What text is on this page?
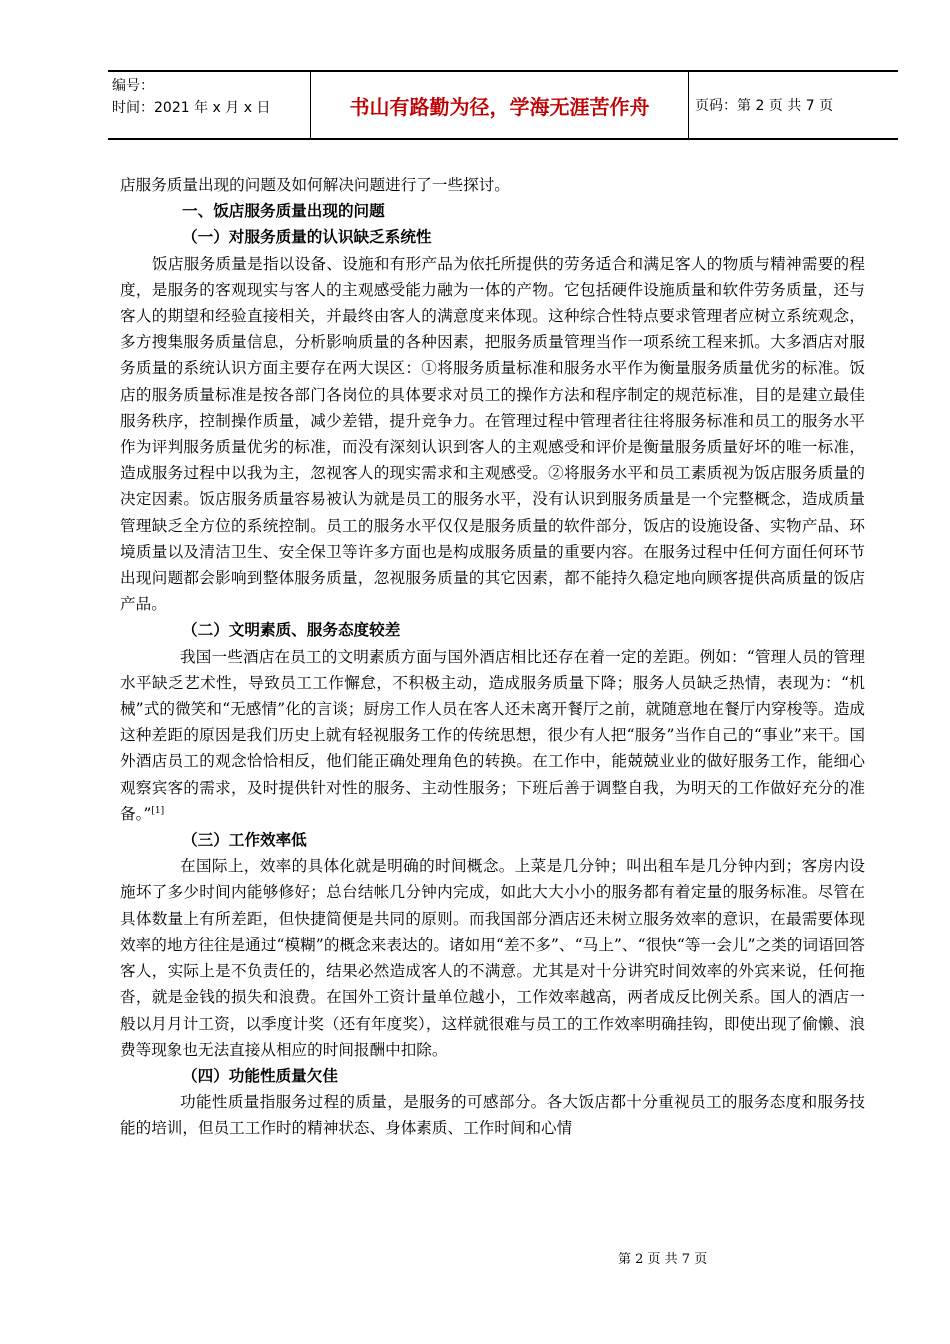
编号：
时间：2021 年 x 月 x 日	书山有路勤为径，学海无涯苦作舟	页码：第 2 页 共 7 页

店服务质量出现的问题及如何解决问题进行了一些探讨。

一、饭店服务质量出现的问题

（一）对服务质量的认识缺乏系统性

饭店服务质量是指以设备、设施和有形产品为依托所提供的劳务适合和满足客人的物质与精神需要的程度，是服务的客观现实与客人的主观感受能力融为一体的产物。它包括硬件设施质量和软件劳务质量，还与客人的期望和经验直接相关，并最终由客人的满意度来体现。这种综合性特点要求管理者应树立系统观念，多方搜集服务质量信息，分析影响质量的各种因素，把服务质量管理当作一项系统工程来抓。大多酒店对服务质量的系统认识方面主要存在两大误区：①将服务质量标准和服务水平作为衡量服务质量优劣的标准。饭店的服务质量标准是按各部门各岗位的具体要求对员工的操作方法和程序制定的规范标准，目的是建立最佳服务秩序，控制操作质量，减少差错，提升竞争力。在管理过程中管理者往往将服务标准和员工的服务水平作为评判服务质量优劣的标准，而没有深刻认识到客人的主观感受和评价是衡量服务质量好坏的唯一标准，造成服务过程中以我为主，忽视客人的现实需求和主观感受。②将服务水平和员工素质视为饭店服务质量的决定因素。饭店服务质量容易被认为就是员工的服务水平，没有认识到服务质量是一个完整概念，造成质量管理缺乏全方位的系统控制。员工的服务水平仅仅是服务质量的软件部分，饭店的设施设备、实物产品、环境质量以及清洁卫生、安全保卫等许多方面也是构成服务质量的重要内容。在服务过程中任何方面任何环节出现问题都会影响到整体服务质量，忽视服务质量的其它因素，都不能持久稳定地向顾客提供高质量的饭店产品。

（二）文明素质、服务态度较差

我国一些酒店在员工的文明素质方面与国外酒店相比还存在着一定的差距。例如：“管理人员的管理水平缺乏艺术性，导致员工工作懈怠，不积极主动，造成服务质量下降；服务人员缺乏热情，表现为：“机械”式的微笑和“无感情”化的言谈；厨房工作人员在客人还未离开餐厅之前，就随意地在餐厅内穿梭等。造成这种差距的原因是我们历史上就有轻视服务工作的传统思想，很少有人把“服务”当作自己的“事业”来干。国外酒店员工的观念恰恰相反，他们能正确处理角色的转换。在工作中，能兢兢业业的做好服务工作，能细心观察宾客的需求，及时提供针对性的服务、主动性服务；下班后善于调整自我，为明天的工作做好充分的准备。”[1]

（三）工作效率低

在国际上，效率的具体化就是明确的时间概念。上菜是几分钟；叫出租车是几分钟内到；客房内设施坏了多少时间内能够修好；总台结帐几分钟内完成，如此大大小小的服务都有着定量的服务标准。尽管在具体数量上有所差距，但快捷简便是共同的原则。而我国部分酒店还未树立服务效率的意识，在最需要体现效率的地方往往是通过“模糊”的概念来表达的。诸如用“差不多”、“马上”、“很快“等一会儿”之类的词语回答客人，实际上是不负责任的，结果必然造成客人的不满意。尤其是对十分讲究时间效率的外宾来说，任何拖沓，就是金钱的损失和浪费。在国外工资计量单位越小，工作效率越高，两者成反比例关系。国人的酒店一般以月月计工资，以季度计奖（还有年度奖），这样就很难与员工的工作效率明确挂钩，即使出现了偷懒、浪费等现象也无法直接从相应的时间报酬中扣除。

（四）功能性质量欠佳

功能性质量指服务过程的质量，是服务的可感部分。各大饭店都十分重视员工的服务态度和服务技能的培训，但员工工作时的精神状态、身体素质、工作时间和心情

第 2 页 共 7 页
